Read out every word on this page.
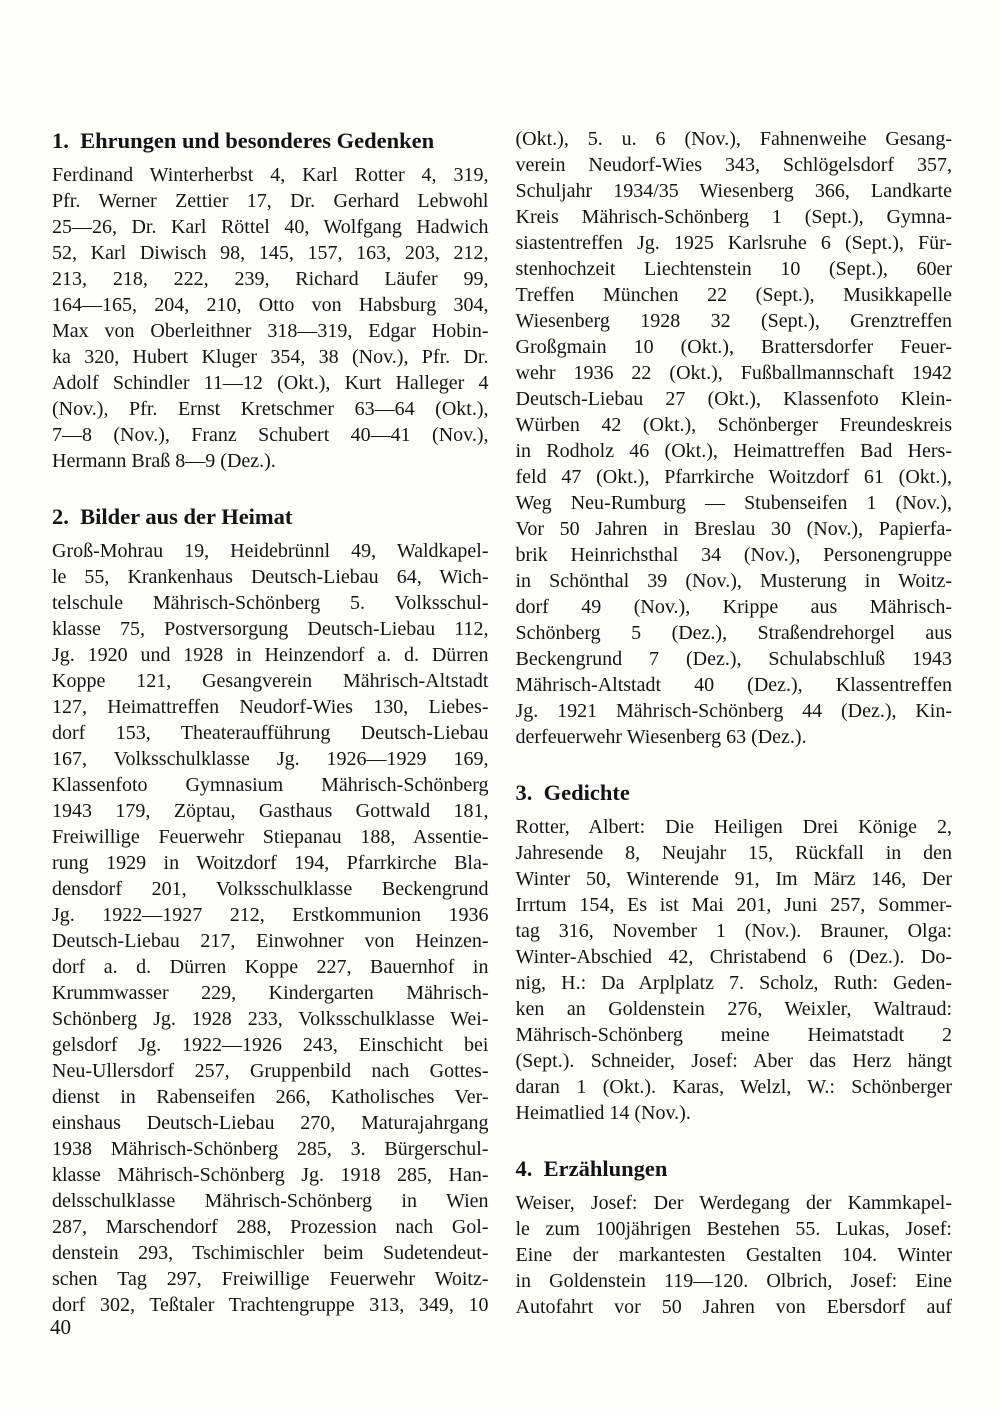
1. Ehrungen und besonderes Gedenken
Ferdinand Winterherbst 4, Karl Rotter 4, 319,
Pfr. Werner Zettier 17, Dr. Gerhard Lebwohl
25—26, Dr. Karl Röttel 40, Wolfgang Hadwich
52, Karl Diwisch 98, 145, 157, 163, 203, 212,
213, 218, 222, 239, Richard Läufer 99,
164—165, 204, 210, Otto von Habsburg 304,
Max von Oberleithner 318—319, Edgar Hobin-
ka 320, Hubert Kluger 354, 38 (Nov.), Pfr. Dr.
Adolf Schindler 11—12 (Okt.), Kurt Halleger 4
(Nov.), Pfr. Ernst Kretschmer 63—64 (Okt.),
7—8 (Nov.), Franz Schubert 40—41 (Nov.),
Hermann Braß 8—9 (Dez.).
2. Bilder aus der Heimat
Groß-Mohrau 19, Heidebrünnl 49, Waldkapel-
le 55, Krankenhaus Deutsch-Liebau 64, Wich-
telschule Mährisch-Schönberg 5. Volksschul-
klasse 75, Postversorgung Deutsch-Liebau 112,
Jg. 1920 und 1928 in Heinzendorf a. d. Dürren
Koppe 121, Gesangverein Mährisch-Altstadt
127, Heimattreffen Neudorf-Wies 130, Liebes-
dorf 153, Theateraufführung Deutsch-Liebau
167, Volksschulklasse Jg. 1926—1929 169,
Klassenfoto Gymnasium Mährisch-Schönberg
1943 179, Zöptau, Gasthaus Gottwald 181,
Freiwillige Feuerwehr Stiepanau 188, Assentie-
rung 1929 in Woitzdorf 194, Pfarrkirche Bla-
densdorf 201, Volksschulklasse Beckengrund
Jg. 1922—1927 212, Erstkommunion 1936
Deutsch-Liebau 217, Einwohner von Heinzen-
dorf a. d. Dürren Koppe 227, Bauernhof in
Krummwasser 229, Kindergarten Mährisch-
Schönberg Jg. 1928 233, Volksschulklasse Wei-
gelsdorf Jg. 1922—1926 243, Einschicht bei
Neu-Ullersdorf 257, Gruppenbild nach Gottes-
dienst in Rabenseifen 266, Katholisches Ver-
einshaus Deutsch-Liebau 270, Maturajahrgang
1938 Mährisch-Schönberg 285, 3. Bürgerschul-
klasse Mährisch-Schönberg Jg. 1918 285, Han-
delsschulklasse Mährisch-Schönberg in Wien
287, Marschendorf 288, Prozession nach Gol-
denstein 293, Tschimischler beim Sudetendeut-
schen Tag 297, Freiwillige Feuerwehr Woitz-
dorf 302, Teßtaler Trachtengruppe 313, 349, 10
(Okt.), 5. u. 6 (Nov.), Fahnenweihe Gesang-
verein Neudorf-Wies 343, Schlögelsdorf 357,
Schuljahr 1934/35 Wiesenberg 366, Landkarte
Kreis Mährisch-Schönberg 1 (Sept.), Gymna-
siastentreffen Jg. 1925 Karlsruhe 6 (Sept.), Für-
stenhochzeit Liechtenstein 10 (Sept.), 60er
Treffen München 22 (Sept.), Musikkapelle
Wiesenberg 1928 32 (Sept.), Grenztreffen
Großgmain 10 (Okt.), Brattersdorfer Feuer-
wehr 1936 22 (Okt.), Fußballmannschaft 1942
Deutsch-Liebau 27 (Okt.), Klassenfoto Klein-
Würben 42 (Okt.), Schönberger Freundeskreis
in Rodholz 46 (Okt.), Heimattreffen Bad Hers-
feld 47 (Okt.), Pfarrkirche Woitzdorf 61 (Okt.),
Weg Neu-Rumburg — Stubenseifen 1 (Nov.),
Vor 50 Jahren in Breslau 30 (Nov.), Papierfa-
brik Heinrichsthal 34 (Nov.), Personengruppe
in Schönthal 39 (Nov.), Musterung in Woitz-
dorf 49 (Nov.), Krippe aus Mährisch-
Schönberg 5 (Dez.), Straßendrehorgel aus
Beckengrund 7 (Dez.), Schulabschluß 1943
Mährisch-Altstadt 40 (Dez.), Klassentreffen
Jg. 1921 Mährisch-Schönberg 44 (Dez.), Kin-
derfeuerwehr Wiesenberg 63 (Dez.).
3. Gedichte
Rotter, Albert: Die Heiligen Drei Könige 2,
Jahresende 8, Neujahr 15, Rückfall in den
Winter 50, Winterende 91, Im März 146, Der
Irrtum 154, Es ist Mai 201, Juni 257, Sommer-
tag 316, November 1 (Nov.). Brauner, Olga:
Winter-Abschied 42, Christabend 6 (Dez.). Do-
nig, H.: Da Arplplatz 7. Scholz, Ruth: Geden-
ken an Goldenstein 276, Weixler, Waltraud:
Mährisch-Schönberg meine Heimatstadt 2
(Sept.). Schneider, Josef: Aber das Herz hängt
daran 1 (Okt.). Karas, Welzl, W.: Schönberger
Heimatlied 14 (Nov.).
4. Erzählungen
Weiser, Josef: Der Werdegang der Kammkapel-
le zum 100jährigen Bestehen 55. Lukas, Josef:
Eine der markantesten Gestalten 104. Winter
in Goldenstein 119—120. Olbrich, Josef: Eine
Autofahrt vor 50 Jahren von Ebersdorf auf
40
